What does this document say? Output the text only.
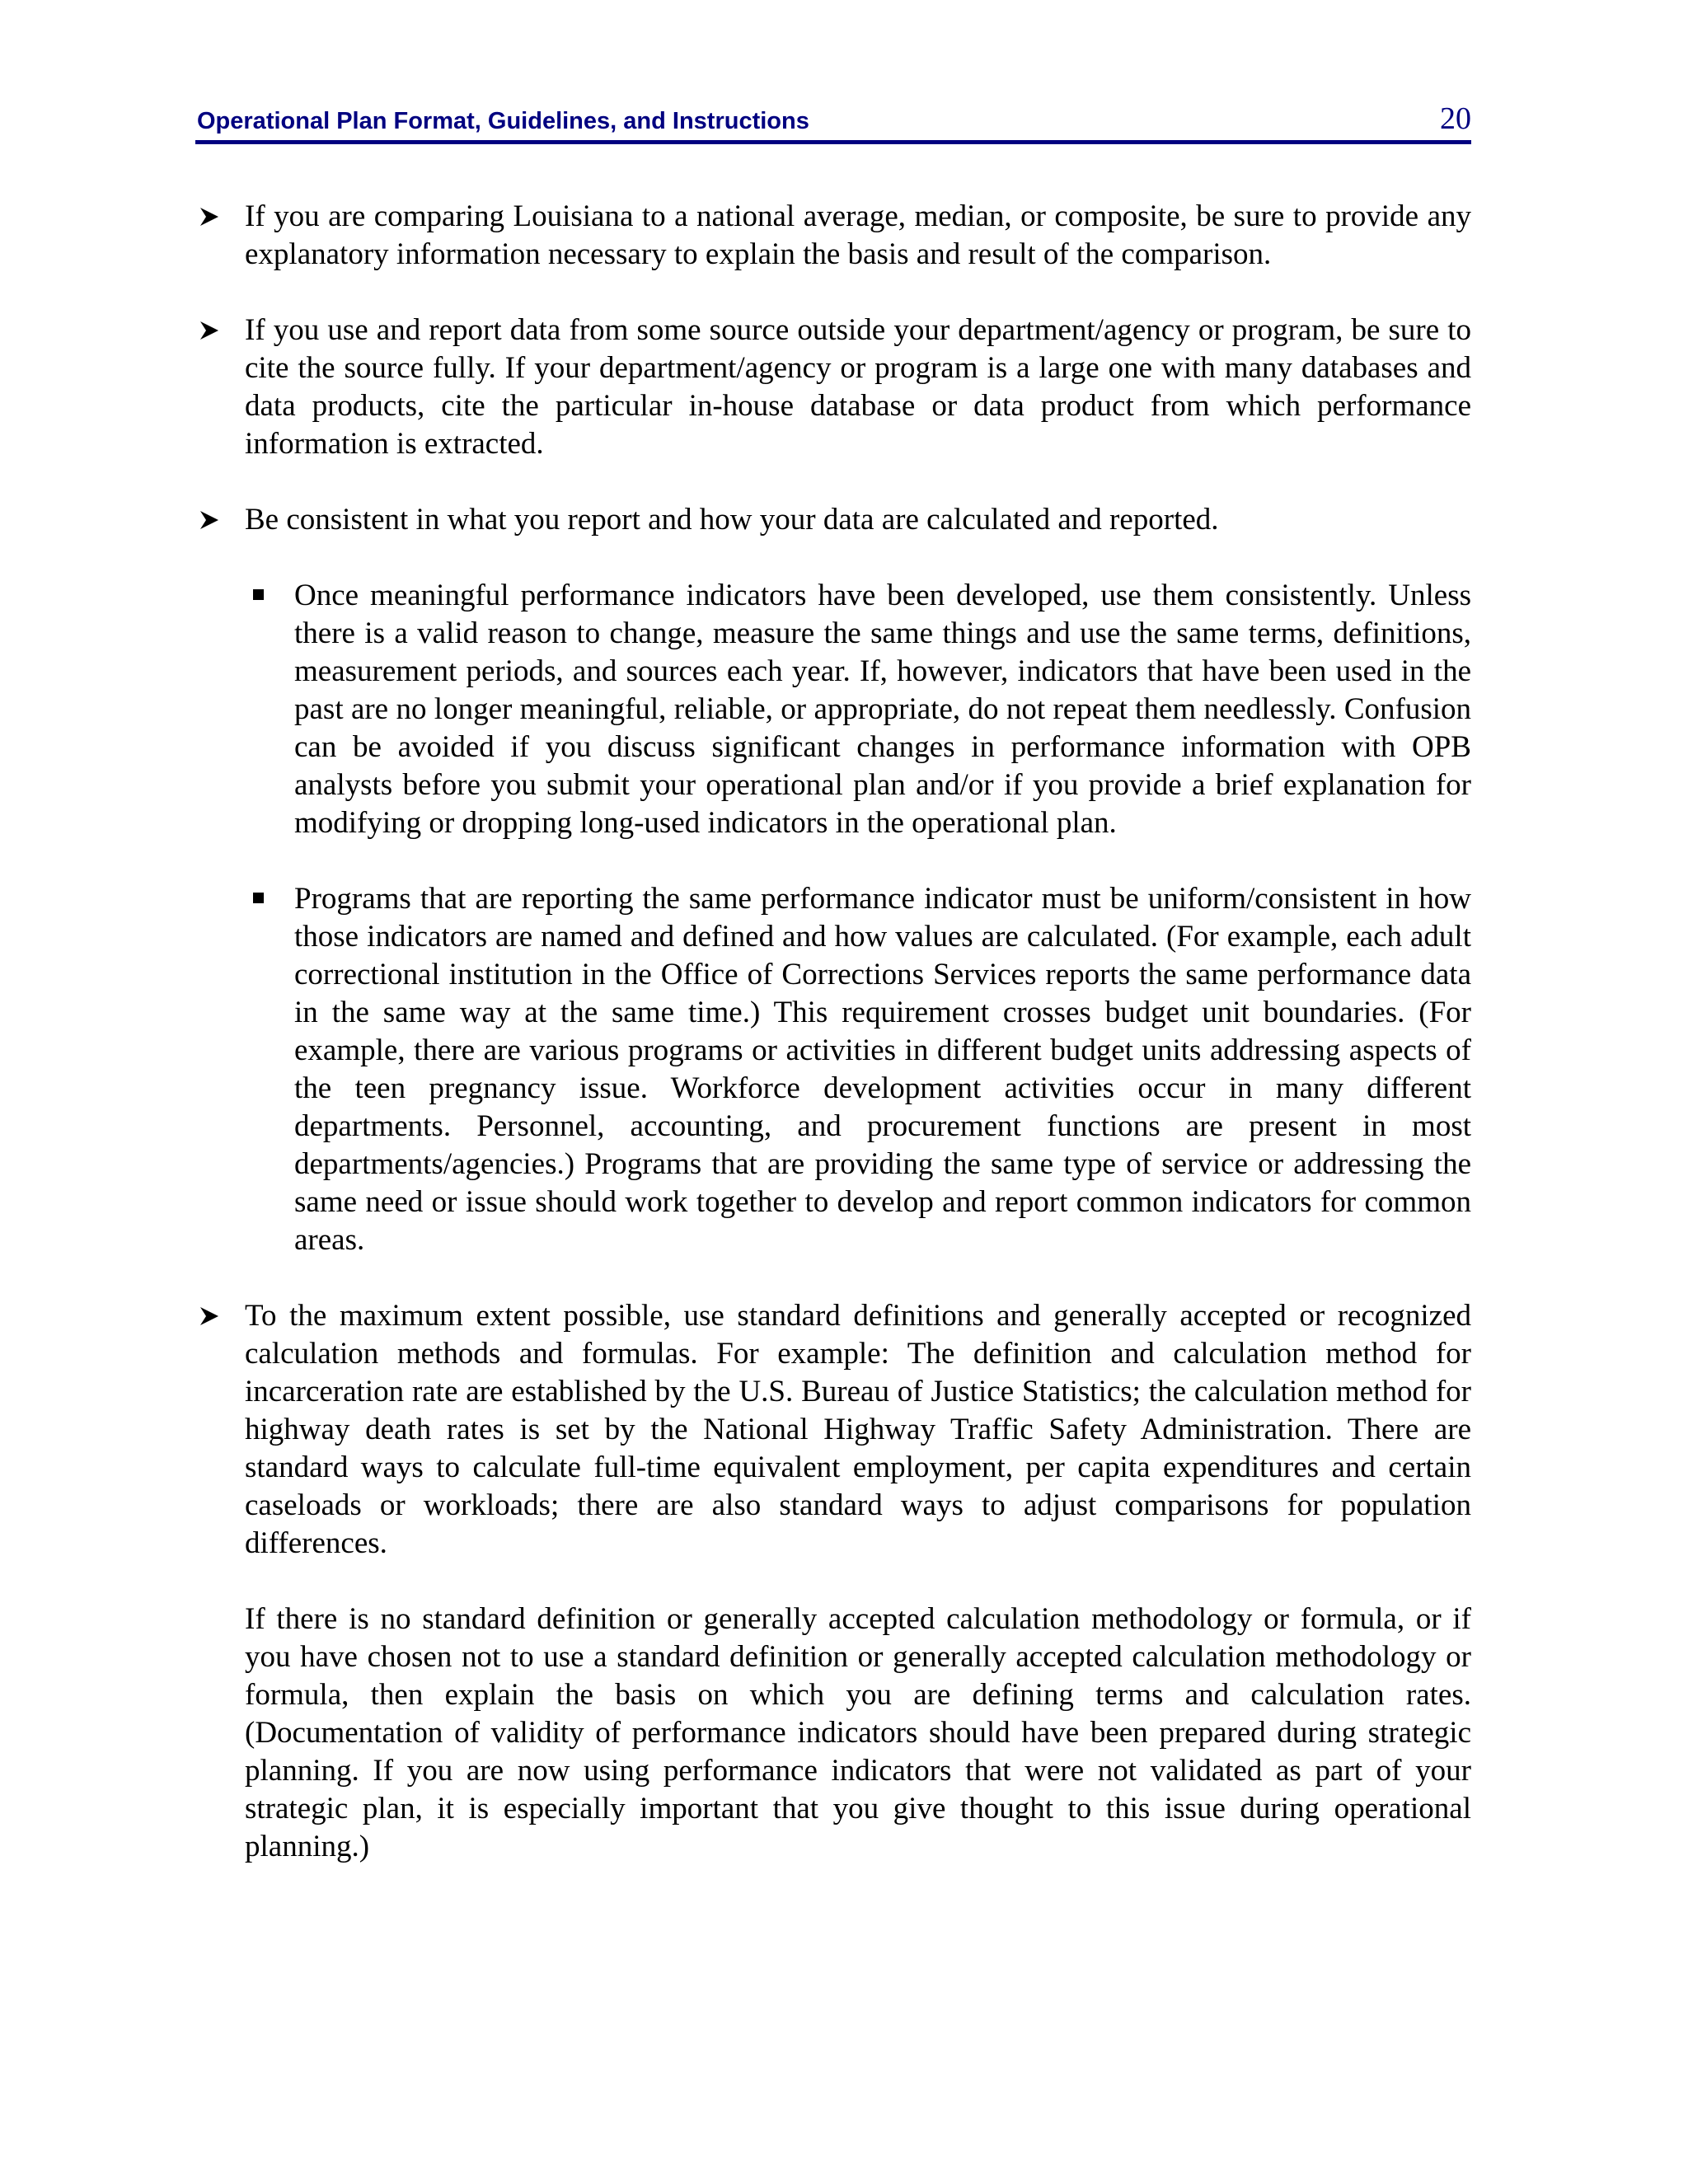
Operational Plan Format, Guidelines, and Instructions	20

If you are comparing Louisiana to a national average, median, or composite, be sure to provide any explanatory information necessary to explain the basis and result of the comparison.

If you use and report data from some source outside your department/agency or program, be sure to cite the source fully. If your department/agency or program is a large one with many databases and data products, cite the particular in-house database or data product from which performance information is extracted.

Be consistent in what you report and how your data are calculated and reported.

Once meaningful performance indicators have been developed, use them consistently. Unless there is a valid reason to change, measure the same things and use the same terms, definitions, measurement periods, and sources each year. If, however, indicators that have been used in the past are no longer meaningful, reliable, or appropriate, do not repeat them needlessly. Confusion can be avoided if you discuss significant changes in performance information with OPB analysts before you submit your operational plan and/or if you provide a brief explanation for modifying or dropping long-used indicators in the operational plan.

Programs that are reporting the same performance indicator must be uniform/consistent in how those indicators are named and defined and how values are calculated. (For example, each adult correctional institution in the Office of Corrections Services reports the same performance data in the same way at the same time.) This requirement crosses budget unit boundaries. (For example, there are various programs or activities in different budget units addressing aspects of the teen pregnancy issue. Workforce development activities occur in many different departments. Personnel, accounting, and procurement functions are present in most departments/agencies.) Programs that are providing the same type of service or addressing the same need or issue should work together to develop and report common indicators for common areas.

To the maximum extent possible, use standard definitions and generally accepted or recognized calculation methods and formulas. For example: The definition and calculation method for incarceration rate are established by the U.S. Bureau of Justice Statistics; the calculation method for highway death rates is set by the National Highway Traffic Safety Administration. There are standard ways to calculate full-time equivalent employment, per capita expenditures and certain caseloads or workloads; there are also standard ways to adjust comparisons for population differences.

If there is no standard definition or generally accepted calculation methodology or formula, or if you have chosen not to use a standard definition or generally accepted calculation methodology or formula, then explain the basis on which you are defining terms and calculation rates. (Documentation of validity of performance indicators should have been prepared during strategic planning. If you are now using performance indicators that were not validated as part of your strategic plan, it is especially important that you give thought to this issue during operational planning.)
